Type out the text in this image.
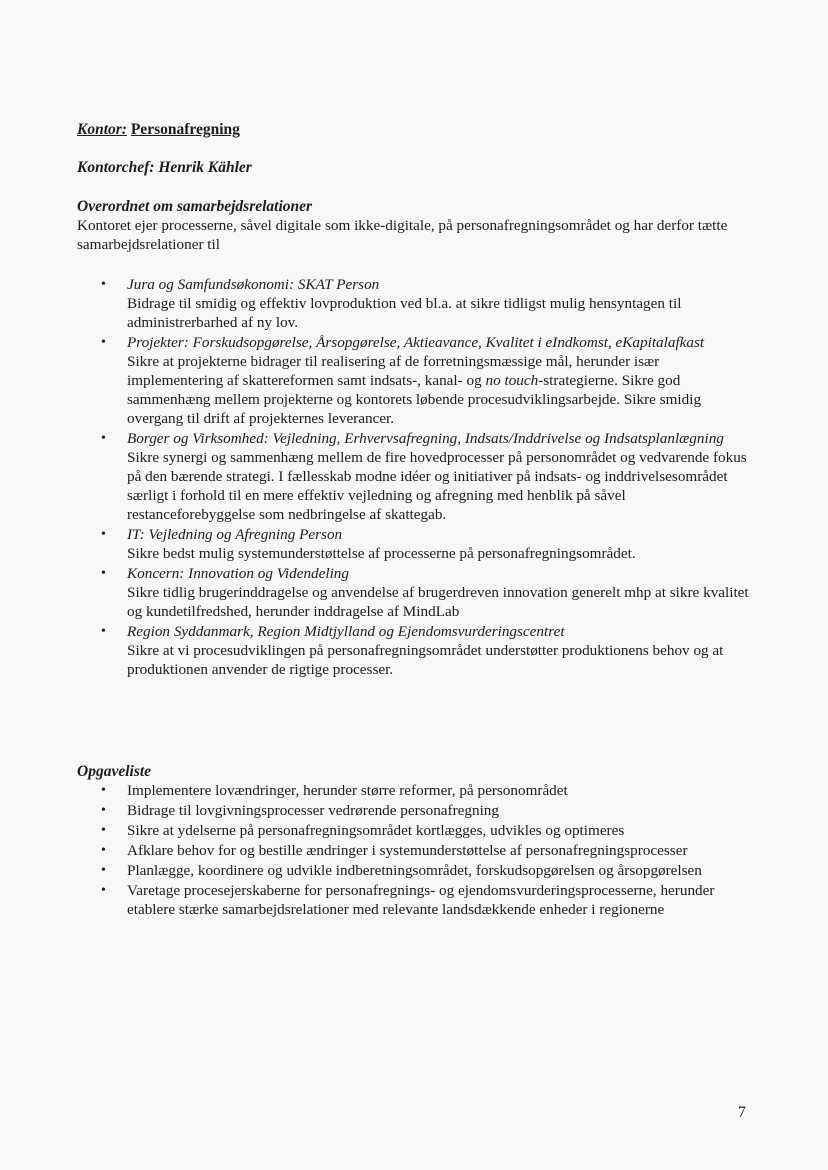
Kontor: Personafregning
Kontorchef: Henrik Kähler
Overordnet om samarbejdsrelationer

Kontoret ejer processerne, såvel digitale som ikke-digitale, på personafregningsområdet og har derfor tætte samarbejdsrelationer til

• Jura og Samfundsøkonomi: SKAT Person
Bidrage til smidig og effektiv lovproduktion ved bl.a. at sikre tidligst mulig hensyntagen til administrerbarhed af ny lov.
• Projekter: Forskudsopgørelse, Årsopgørelse, Aktieavance, Kvalitet i eIndkomst, eKapitalafkast
Sikre at projekterne bidrager til realisering af de forretningsmæssige mål, herunder især implementering af skattereformen samt indsats-, kanal- og no touch-strategierne. Sikre god sammenhæng mellem projekterne og kontorets løbende procesudviklingsarbejde. Sikre smidig overgang til drift af projekternes leverancer.
• Borger og Virksomhed: Vejledning, Erhvervsafregning, Indsats/Inddrivelse og Indsatsplanlægning
Sikre synergi og sammenhæng mellem de fire hovedprocesser på personområdet og vedvarende fokus på den bærende strategi. I fællesskab modne idéer og initiativer på indsats- og inddrivelsesområdet særligt i forhold til en mere effektiv vejledning og afregning med henblik på såvel restanceforebyggelse som nedbringelse af skattegab.
• IT: Vejledning og Afregning Person
Sikre bedst mulig systemunderstøttelse af processerne på personafregningsområdet.
• Koncern: Innovation og Videndeling
Sikre tidlig brugerinddragelse og anvendelse af brugerdreven innovation generelt mhp at sikre kvalitet og kundetilfredshed, herunder inddragelse af MindLab
• Region Syddanmark, Region Midtjylland og Ejendomsvurderingscentret
Sikre at vi procesudviklingen på personafregningsområdet understøtter produktionens behov og at produktionen anvender de rigtige processer.
Opgaveliste
• Implementere lovændringer, herunder større reformer, på personområdet
• Bidrage til lovgivningsprocesser vedrørende personafregning
• Sikre at ydelserne på personafregningsområdet kortlægges, udvikles og optimeres
• Afklare behov for og bestille ændringer i systemunderstøttelse af personafregningsprocesser
• Planlægge, koordinere og udvikle indberetningsområdet, forskudsopgørelsen og årsopgørelsen
• Varetage procesejerskaberne for personafregnings- og ejendomsvurderingsprocesserne, herunder etablere stærke samarbejdsrelationer med relevante landsdækkende enheder i regionerne
7
